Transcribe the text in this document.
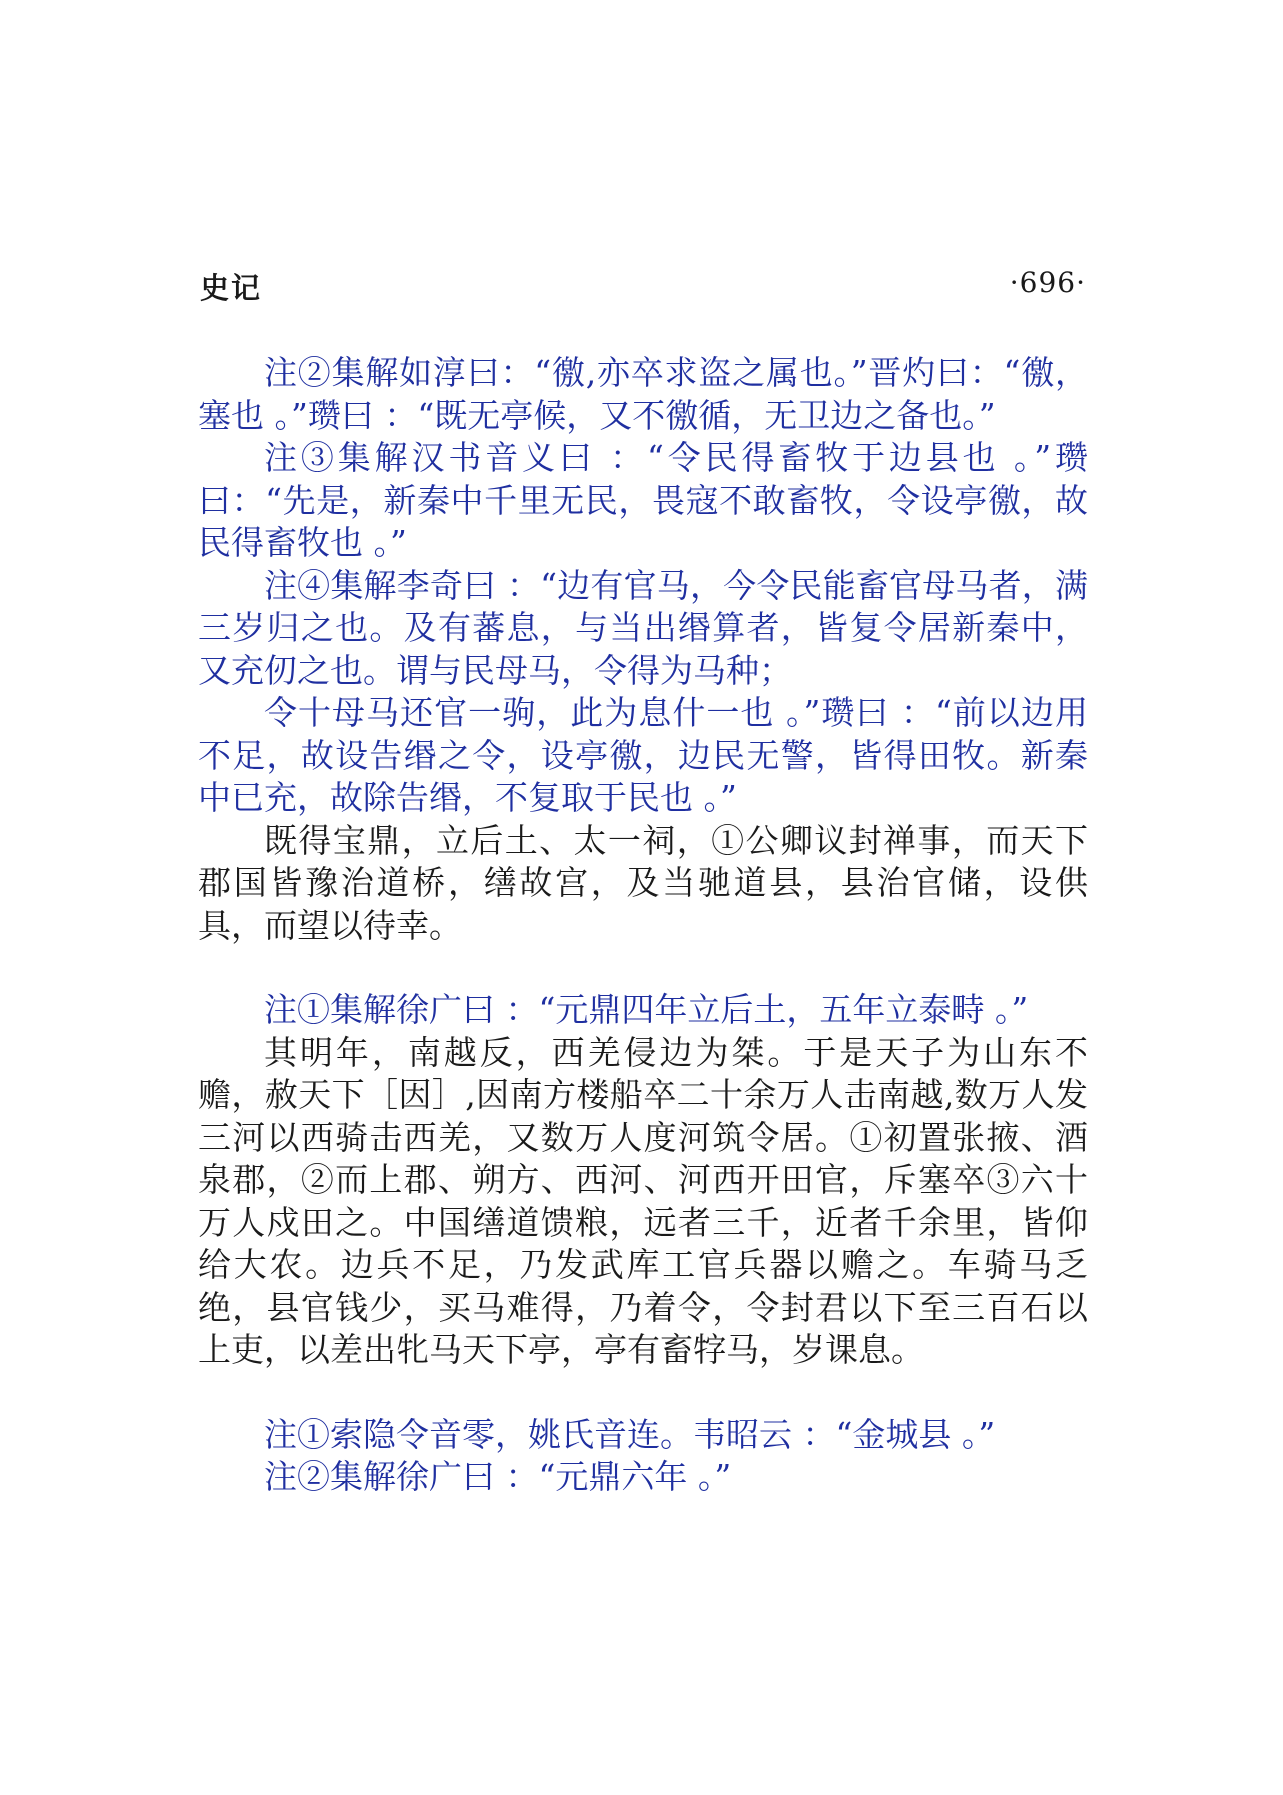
史记	·696·

注②集解如淳曰：“徼,亦卒求盗之属也。”晋灼曰：“徼，塞也 。”瓒曰 ：“既无亭候，又不徼循，无卫边之备也。”

注③集解汉书音义曰 ：“令民得畜牧于边县也 。”瓒曰：“先是，新秦中千里无民，畏寇不敢畜牧，令设亭徼，故民得畜牧也 。”

注④集解李奇曰 ：“边有官马，今令民能畜官母马者，满三岁归之也。及有蕃息，与当出缗算者，皆复令居新秦中，又充仞之也。谓与民母马，令得为马种；

令十母马还官一驹，此为息什一也 。”瓒曰 ：“前以边用不足，故设告缗之令，设亭徼，边民无警，皆得田牧。新秦中已充，故除告缗，不复取于民也 。”

既得宝鼎，立后土、太一祠，①公卿议封禅事，而天下郡国皆豫治道桥，缮故宫，及当驰道县，县治官储，设供具，而望以待幸。

注①集解徐广曰 ：“元鼎四年立后土，五年立泰畤 。”

其明年，南越反，西羌侵边为桀。于是天子为山东不赡，赦天下［因］,因南方楼船卒二十余万人击南越,数万人发三河以西骑击西羌，又数万人度河筑令居。①初置张掖、酒泉郡，②而上郡、朔方、西河、河西开田官，斥塞卒③六十万人戍田之。中国缮道馈粮，远者三千，近者千余里，皆仰给大农。边兵不足，乃发武库工官兵器以赡之。车骑马乏绝，县官钱少，买马难得，乃着令，令封君以下至三百石以上吏，以差出牝马天下亭，亭有畜牸马，岁课息。

注①索隐令音零，姚氏音连。韦昭云 ：“金城县 。”

注②集解徐广曰 ：“元鼎六年 。”
